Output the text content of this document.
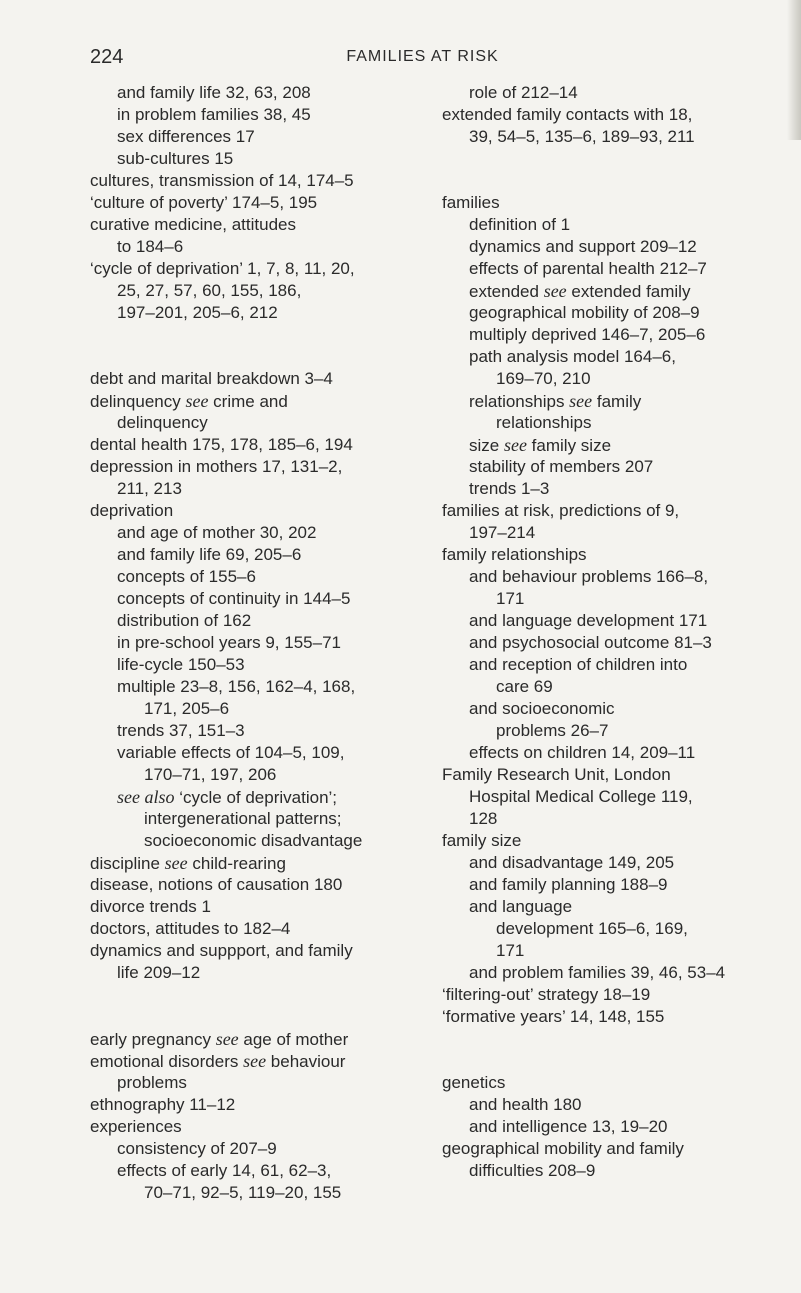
224	FAMILIES AT RISK
and family life 32, 63, 208
in problem families 38, 45
sex differences 17
sub-cultures 15
cultures, transmission of 14, 174–5
‘culture of poverty’ 174–5, 195
curative medicine, attitudes
to 184–6
‘cycle of deprivation’ 1, 7, 8, 11, 20,
25, 27, 57, 60, 155, 186,
197–201, 205–6, 212
debt and marital breakdown 3–4
delinquency see crime and
delinquency
dental health 175, 178, 185–6, 194
depression in mothers 17, 131–2,
211, 213
deprivation
and age of mother 30, 202
and family life 69, 205–6
concepts of 155–6
concepts of continuity in 144–5
distribution of 162
in pre-school years 9, 155–71
life-cycle 150–53
multiple 23–8, 156, 162–4, 168,
171, 205–6
trends 37, 151–3
variable effects of 104–5, 109,
170–71, 197, 206
see also ‘cycle of deprivation’;
intergenerational patterns;
socioeconomic disadvantage
discipline see child-rearing
disease, notions of causation 180
divorce trends 1
doctors, attitudes to 182–4
dynamics and suppport, and family
life 209–12
early pregnancy see age of mother
emotional disorders see behaviour
problems
ethnography 11–12
experiences
consistency of 207–9
effects of early 14, 61, 62–3,
70–71, 92–5, 119–20, 155
role of 212–14
extended family contacts with 18,
39, 54–5, 135–6, 189–93, 211
families
definition of 1
dynamics and support 209–12
effects of parental health 212–7
extended see extended family
geographical mobility of 208–9
multiply deprived 146–7, 205–6
path analysis model 164–6,
169–70, 210
relationships see family
relationships
size see family size
stability of members 207
trends 1–3
families at risk, predictions of 9,
197–214
family relationships
and behaviour problems 166–8,
171
and language development 171
and psychosocial outcome 81–3
and reception of children into
care 69
and socioeconomic
problems 26–7
effects on children 14, 209–11
Family Research Unit, London
Hospital Medical College 119,
128
family size
and disadvantage 149, 205
and family planning 188–9
and language
development 165–6, 169,
171
and problem families 39, 46, 53–4
‘filtering-out’ strategy 18–19
‘formative years’ 14, 148, 155
genetics
and health 180
and intelligence 13, 19–20
geographical mobility and family
difficulties 208–9
